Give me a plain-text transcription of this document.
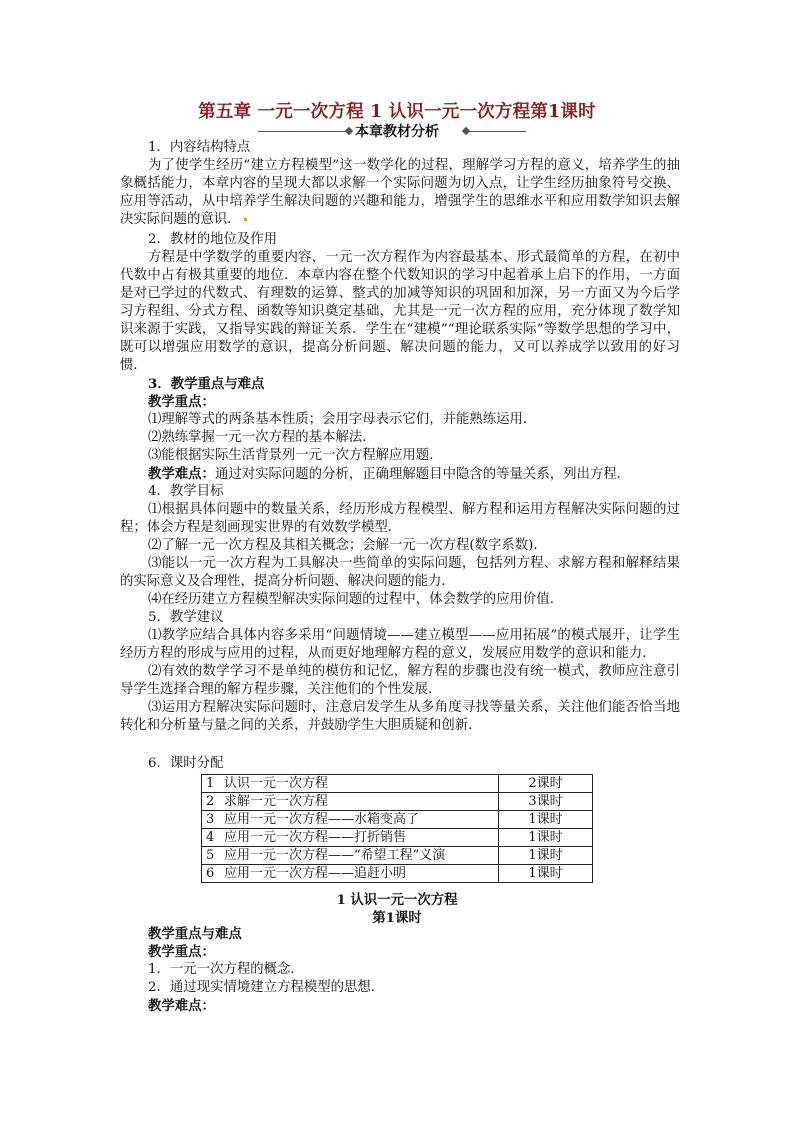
第五章 一元一次方程 1 认识一元一次方程第1课时
本章教材分析

1．内容结构特点

为了使学生经历“建立方程模型”这一数学化的过程，理解学习方程的意义，培养学生的抽象概括能力，本章内容的呈现大都以求解一个实际问题为切入点，让学生经历抽象符号交换、应用等活动，从中培养学生解决问题的兴趣和能力，增强学生的思维水平和应用数学知识去解决实际问题的意识．

2．教材的地位及作用

方程是中学数学的重要内容，一元一次方程作为内容最基本、形式最简单的方程，在初中代数中占有极其重要的地位．本章内容在整个代数知识的学习中起着承上启下的作用，一方面是对已学过的代数式、有理数的运算、整式的加减等知识的巩固和加深，另一方面又为今后学习方程组、分式方程、函数等知识奠定基础，尤其是一元一次方程的应用，充分体现了数学知识来源于实践，又指导实践的辩证关系．学生在“建模”“理论联系实际”等数学思想的学习中，既可以增强应用数学的意识，提高分析问题、解决问题的能力，又可以养成学以致用的好习惯．

3．教学重点与难点

教学重点：

⑴理解等式的两条基本性质；会用字母表示它们，并能熟练运用．

⑵熟练掌握一元一次方程的基本解法．

⑶能根据实际生活背景列一元一次方程解应用题．

教学难点：通过对实际问题的分析，正确理解题目中隐含的等量关系，列出方程．

4．教学目标

⑴根据具体问题中的数量关系，经历形成方程模型、解方程和运用方程解决实际问题的过程；体会方程是刻画现实世界的有效数学模型．

⑵了解一元一次方程及其相关概念；会解一元一次方程(数字系数)．

⑶能以一元一次方程为工具解决一些简单的实际问题，包括列方程、求解方程和解释结果的实际意义及合理性，提高分析问题、解决问题的能力．

⑷在经历建立方程模型解决实际问题的过程中，体会数学的应用价值．

5．教学建议

⑴教学应结合具体内容多采用“问题情境——建立模型——应用拓展”的模式展开，让学生经历方程的形成与应用的过程，从而更好地理解方程的意义，发展应用数学的意识和能力．

⑵有效的数学学习不是单纯的模仿和记忆，解方程的步骤也没有统一模式，教师应注意引导学生选择合理的解方程步骤，关注他们的个性发展．

⑶运用方程解决实际问题时，注意启发学生从多角度寻找等量关系，关注他们能否恰当地转化和分析量与量之间的关系，并鼓励学生大胆质疑和创新．

6．课时分配

1	认识一元一次方程	2课时
2	求解一元一次方程	3课时
3	应用一元一次方程——水箱变高了	1课时
4	应用一元一次方程——打折销售	1课时
5	应用一元一次方程——“希望工程”义演	1课时
6	应用一元一次方程——追赶小明	1课时
1 认识一元一次方程
第1课时

教学重点与难点

教学重点：

1．一元一次方程的概念．

2．通过现实情境建立方程模型的思想．

教学难点：
